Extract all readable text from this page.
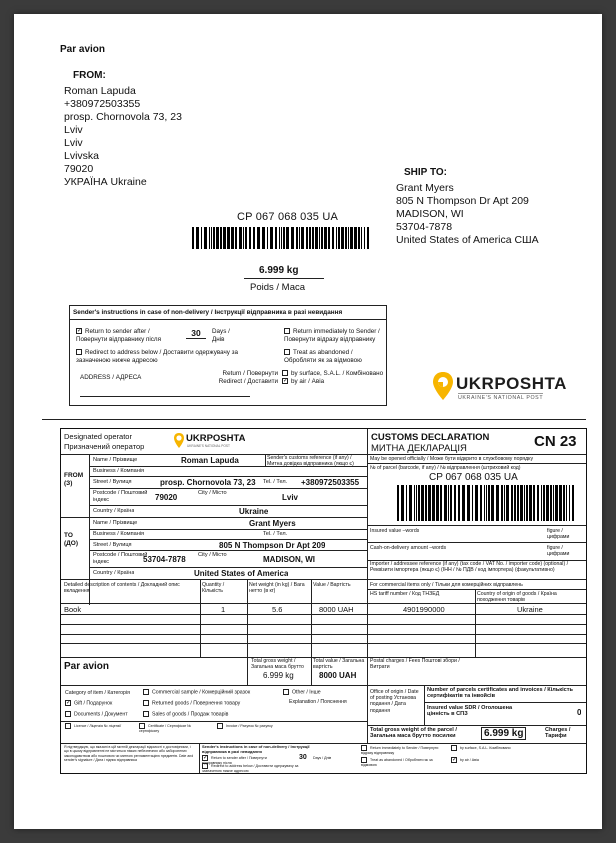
Par avion
FROM:
Roman Lapuda
+380972503355
prosp. Chornovola 73, 23
Lviv
Lviv
Lvivska
79020
УКРАЇНА Ukraine
SHIP TO:
Grant Myers
805 N Thompson Dr Apt 209
MADISON, WI
53704-7878
United States of America США
CP 067 068 035 UA
6.999 kg
Poids / Маса
Sender's instructions in case of non-delivery / Інструкції відправника в разі невидання
✓ Return to sender after / Повернути відправнику після
30	Days / Днів
Return immediately to Sender / Повернути відразу відправнику
Redirect to address below / Доставити одержувачу за зазначеною нижче адресою
Treat as abandoned / Обробляти як за відмовою
ADDRESS / АДРЕСА
Return / Повернути Redirect / Доставити
by surface, S.A.L. / Комбіновано
✓ by air / Авіа	UKRPOSHTA
UKRAINE'S NATIONAL POST
Designated operator
Призначений оператор
UKRPOSHTA
UKRAINE'S NATIONAL POST
CUSTOMS DECLARATION
МИТНА ДЕКЛАРАЦІЯ	CN 23
FROM (З)
Name / Прізвище	Roman Lapuda	Sender's customs reference (if any) / Митна довідка відправника (якщо є)
Business / Компанія
Street / Вулиця	prosp. Chornovola 73, 23 Tel. / Тел. +380972503355
Postcode / Поштовий індекс	79020	City / Місто	Lviv
Country / Країна	Ukraine
TO (ДО)
Name / Прізвище	Grant Myers
Business / Компанія	Tel. / Тел.
Street / Вулиця	805 N Thompson Dr Apt 209
Postcode / Поштовий індекс	53704-7878 City / Місто	MADISON, WI
Country / Країна	United States of America
May be opened officially / Може бути відкрито в службовому порядку
№ of parcel (barcode, if any) / № відправлення (штриховий код)
CP 067 068 035 UA
Insured value –words	figure / цифрами
Cash-on-delivery amount –words	figure / цифрами
Importer / addressee reference (if any) (tax code / VAT No. / importer code) (optional) / Реквізити імпортера (якщо є) (ІНН / № ПДВ / код імпортера) (факультативно)
Detailed description of contents / Докладний опис вкладення
Quantity / Кількість
Net weight (in kg) / Вага нетто (в кг)
Value / Вартість	For commercial items only / Тільки для комерційних відправлень
HS tariff number / Код ТНЗЕД	Country of origin of goods / Країна походження товарів
Book	1	5.6	8000 UAH	4901990000	Ukraine
Par avion	Total gross weight / Загальна маса брутто
6.999 kg
Total value / Загальна вартість
8000 UAH
Postal charges / Fees Поштові збори / Витрати
Category of item / Категорія	Commercial sample / Комерційний зразок	Other / Інше
✓ Gift / Подарунок	Returned goods / Повернення товару	Explanation / Пояснення
Documents / Документ	Sales of goods / Продаж товарів
Licence / Ліцензія № ліцензії	Certificate / Сертифікат № сертифікату
Invoice / Рахунок № рахунку
Office of origin / Date of posting Установа подання / Дата подання
Number of parcels certificates and invoices / Кількість сертифікатів та інвойсів
0
Insured value SDR / Оголошена цінність в СПЗ
Total gross weight of the parcel / Загальна маса брутто посилки	6.999 kg	Charges / Тарифи
Я підтверджую, що вказані в цій митній декларації відомості є достовірними, і що в цьому відправленні не міститься ніяких небезпечних або заборонених законодавством або поштовою чи митною регламентацією предметів. Date and sender's signature / Дата і підпис відправника
Sender's instructions in case of non-delivery / Інструкції відправника в разі невидання
✓ Return to sender after / Повернути відправнику після
30 Days / Днів
Redirect to address below / Доставити одержувачу за зазначеною нижче адресою
Return immediately to Sender / Повернути відразу відправнику
Treat as abandoned / Обробляти як за відмовою
by surface, S.A.L. Комбіновано
✓ by air / Авіа
